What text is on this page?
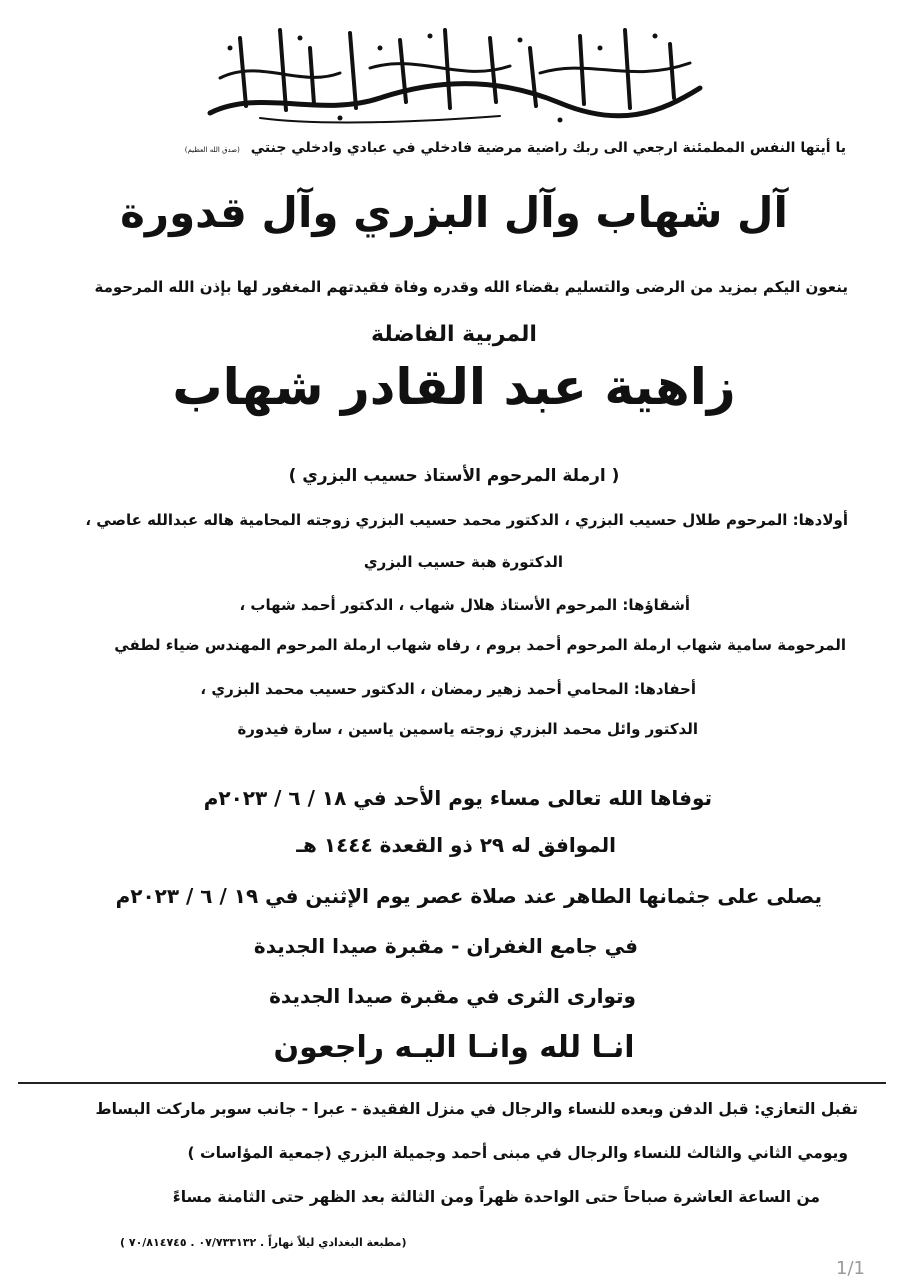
يا أيتها النفس المطمئنة ارجعي الى ربك راضية مرضية فادخلي في عبادي وادخلي جنتي (صدق الله العظيم)
آل شهاب وآل البزري وآل قدورة
ينعون اليكم بمزيد من الرضى والتسليم بقضاء الله وقدره وفاة فقيدتهم المغفور لها بإذن الله المرحومة
المربية الفاضلة
زاهية عبد القادر شهاب
( ارملة المرحوم الأستاذ حسيب البزري )
أولادها: المرحوم طلال حسيب البزري ، الدكتور محمد حسيب البزري زوجته المحامية هاله عبدالله عاصي ،
الدكتورة هبة حسيب البزري
أشقاؤها: المرحوم الأستاذ هلال شهاب ، الدكتور أحمد شهاب ،
المرحومة سامية شهاب ارملة المرحوم أحمد بروم ، رفاه شهاب ارملة المرحوم المهندس ضياء لطفي
أحفادها: المحامي أحمد زهير رمضان ، الدكتور حسيب محمد البزري ،
الدكتور وائل محمد البزري زوجته ياسمين ياسين ، سارة فيدورة
توفاها الله تعالى مساء يوم الأحد في ١٨ / ٦ / ٢٠٢٣م
الموافق له ٢٩ ذو القعدة ١٤٤٤ هـ
يصلى على جثمانها الطاهر عند صلاة عصر يوم الإثنين في ١٩ / ٦ / ٢٠٢٣م
في جامع الغفران - مقبرة صيدا الجديدة
وتوارى الثرى في مقبرة صيدا الجديدة
انـا لله وانـا اليـه راجعون
تقبل التعازي: قبل الدفن وبعده للنساء والرجال في منزل الفقيدة - عبرا - جانب سوبر ماركت البساط
ويومي الثاني والثالث للنساء والرجال في مبنى أحمد وجميلة البزري (جمعية المؤاسات )
من الساعة العاشرة صباحاً حتى الواحدة ظهراً ومن الثالثة بعد الظهر حتى الثامنة مساءً
(مطبعة البغدادي ليلاً نهاراً . ٠٧/٧٣٣١٣٢ . ٧٠/٨١٤٧٤٥ )
1/1
